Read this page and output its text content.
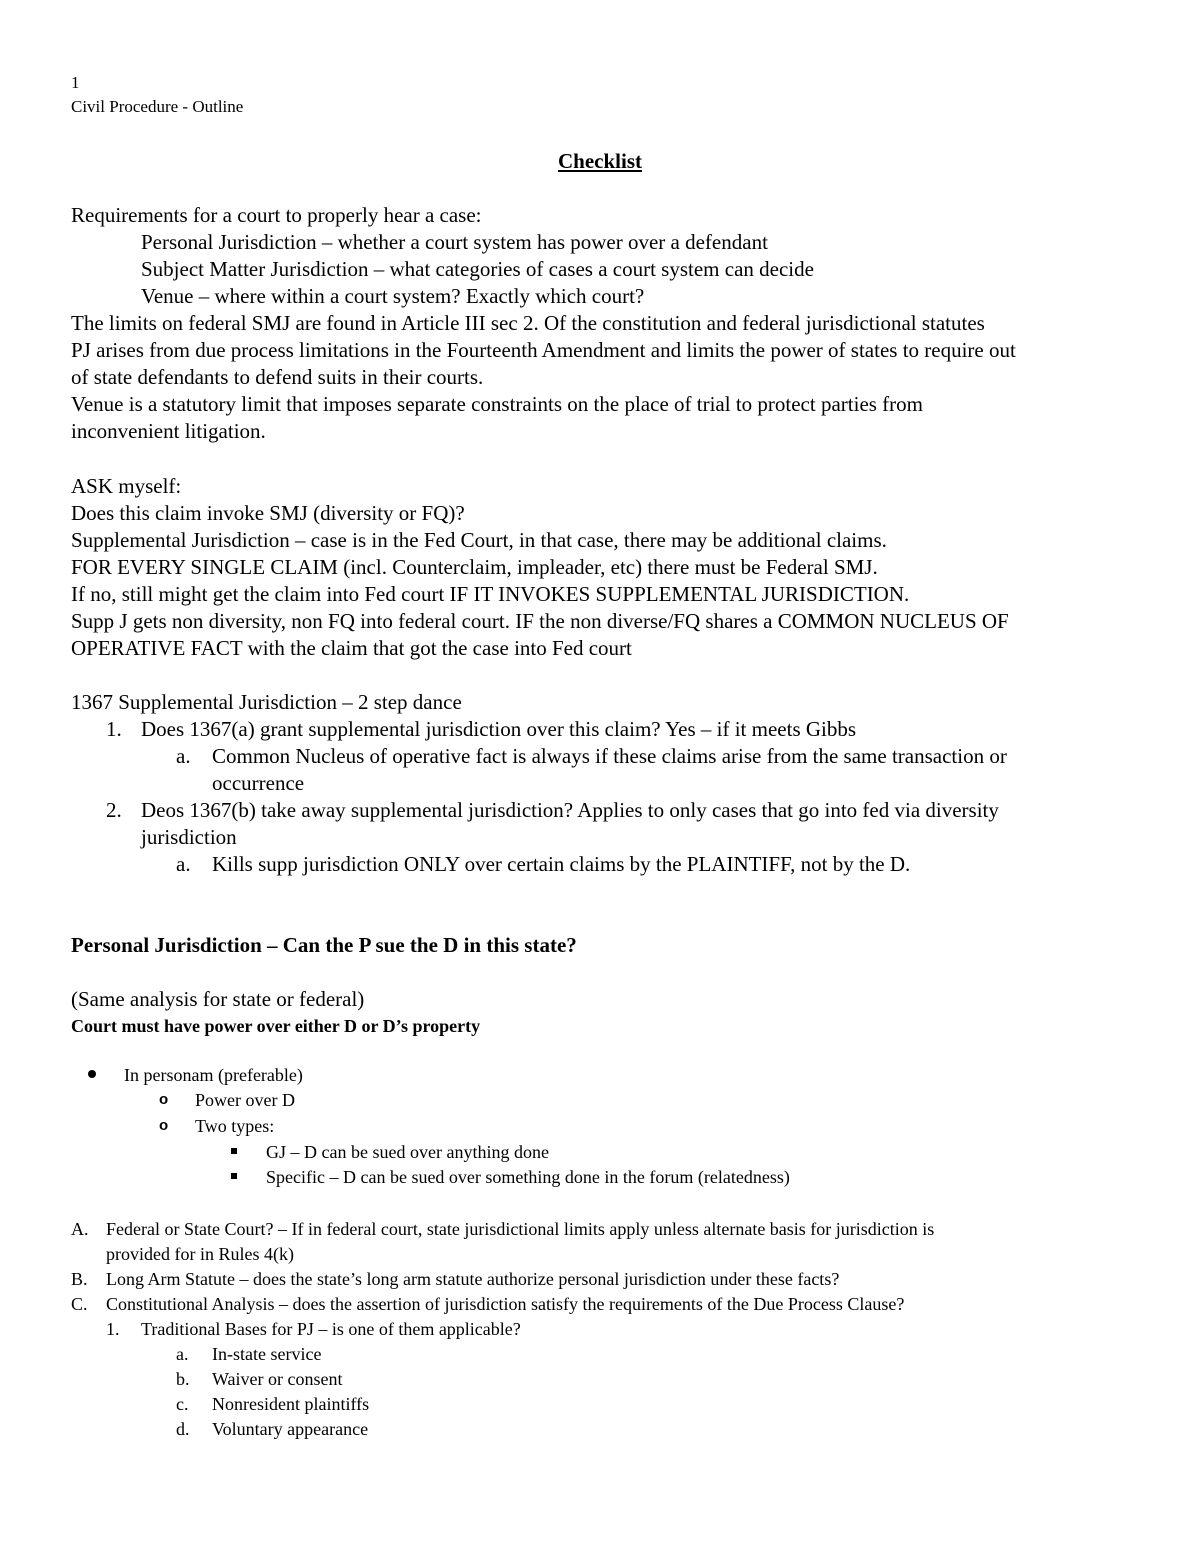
1
Civil Procedure - Outline
Checklist
Requirements for a court to properly hear a case:
Personal Jurisdiction – whether a court system has power over a defendant
Subject Matter Jurisdiction – what categories of cases a court system can decide
Venue – where within a court system? Exactly which court?
The limits on federal SMJ are found in Article III sec 2. Of the constitution and federal jurisdictional statutes
PJ arises from due process limitations in the Fourteenth Amendment and limits the power of states to require out
of state defendants to defend suits in their courts.
Venue is a statutory limit that imposes separate constraints on the place of trial to protect parties from
inconvenient litigation.
ASK myself:
Does this claim invoke SMJ (diversity or FQ)?
Supplemental Jurisdiction – case is in the Fed Court, in that case, there may be additional claims.
FOR EVERY SINGLE CLAIM (incl. Counterclaim, impleader, etc) there must be Federal SMJ.
If no, still might get the claim into Fed court IF IT INVOKES SUPPLEMENTAL JURISDICTION.
Supp J gets non diversity, non FQ into federal court. IF the non diverse/FQ shares a COMMON NUCLEUS OF
OPERATIVE FACT with the claim that got the case into Fed court
1367 Supplemental Jurisdiction – 2 step dance
1. Does 1367(a) grant supplemental jurisdiction over this claim? Yes – if it meets Gibbs
a. Common Nucleus of operative fact is always if these claims arise from the same transaction or
occurrence
2. Deos 1367(b) take away supplemental jurisdiction? Applies to only cases that go into fed via diversity
jurisdiction
a. Kills supp jurisdiction ONLY over certain claims by the PLAINTIFF, not by the D.
Personal Jurisdiction – Can the P sue the D in this state?
(Same analysis for state or federal)
Court must have power over either D or D’s property
In personam (preferable)
o Power over D
o Two types:
GJ – D can be sued over anything done
Specific – D can be sued over something done in the forum (relatedness)
A. Federal or State Court? – If in federal court, state jurisdictional limits apply unless alternate basis for jurisdiction is
provided for in Rules 4(k)
B. Long Arm Statute – does the state’s long arm statute authorize personal jurisdiction under these facts?
C. Constitutional Analysis – does the assertion of jurisdiction satisfy the requirements of the Due Process Clause?
1. Traditional Bases for PJ – is one of them applicable?
a. In-state service
b. Waiver or consent
c. Nonresident plaintiffs
d. Voluntary appearance
